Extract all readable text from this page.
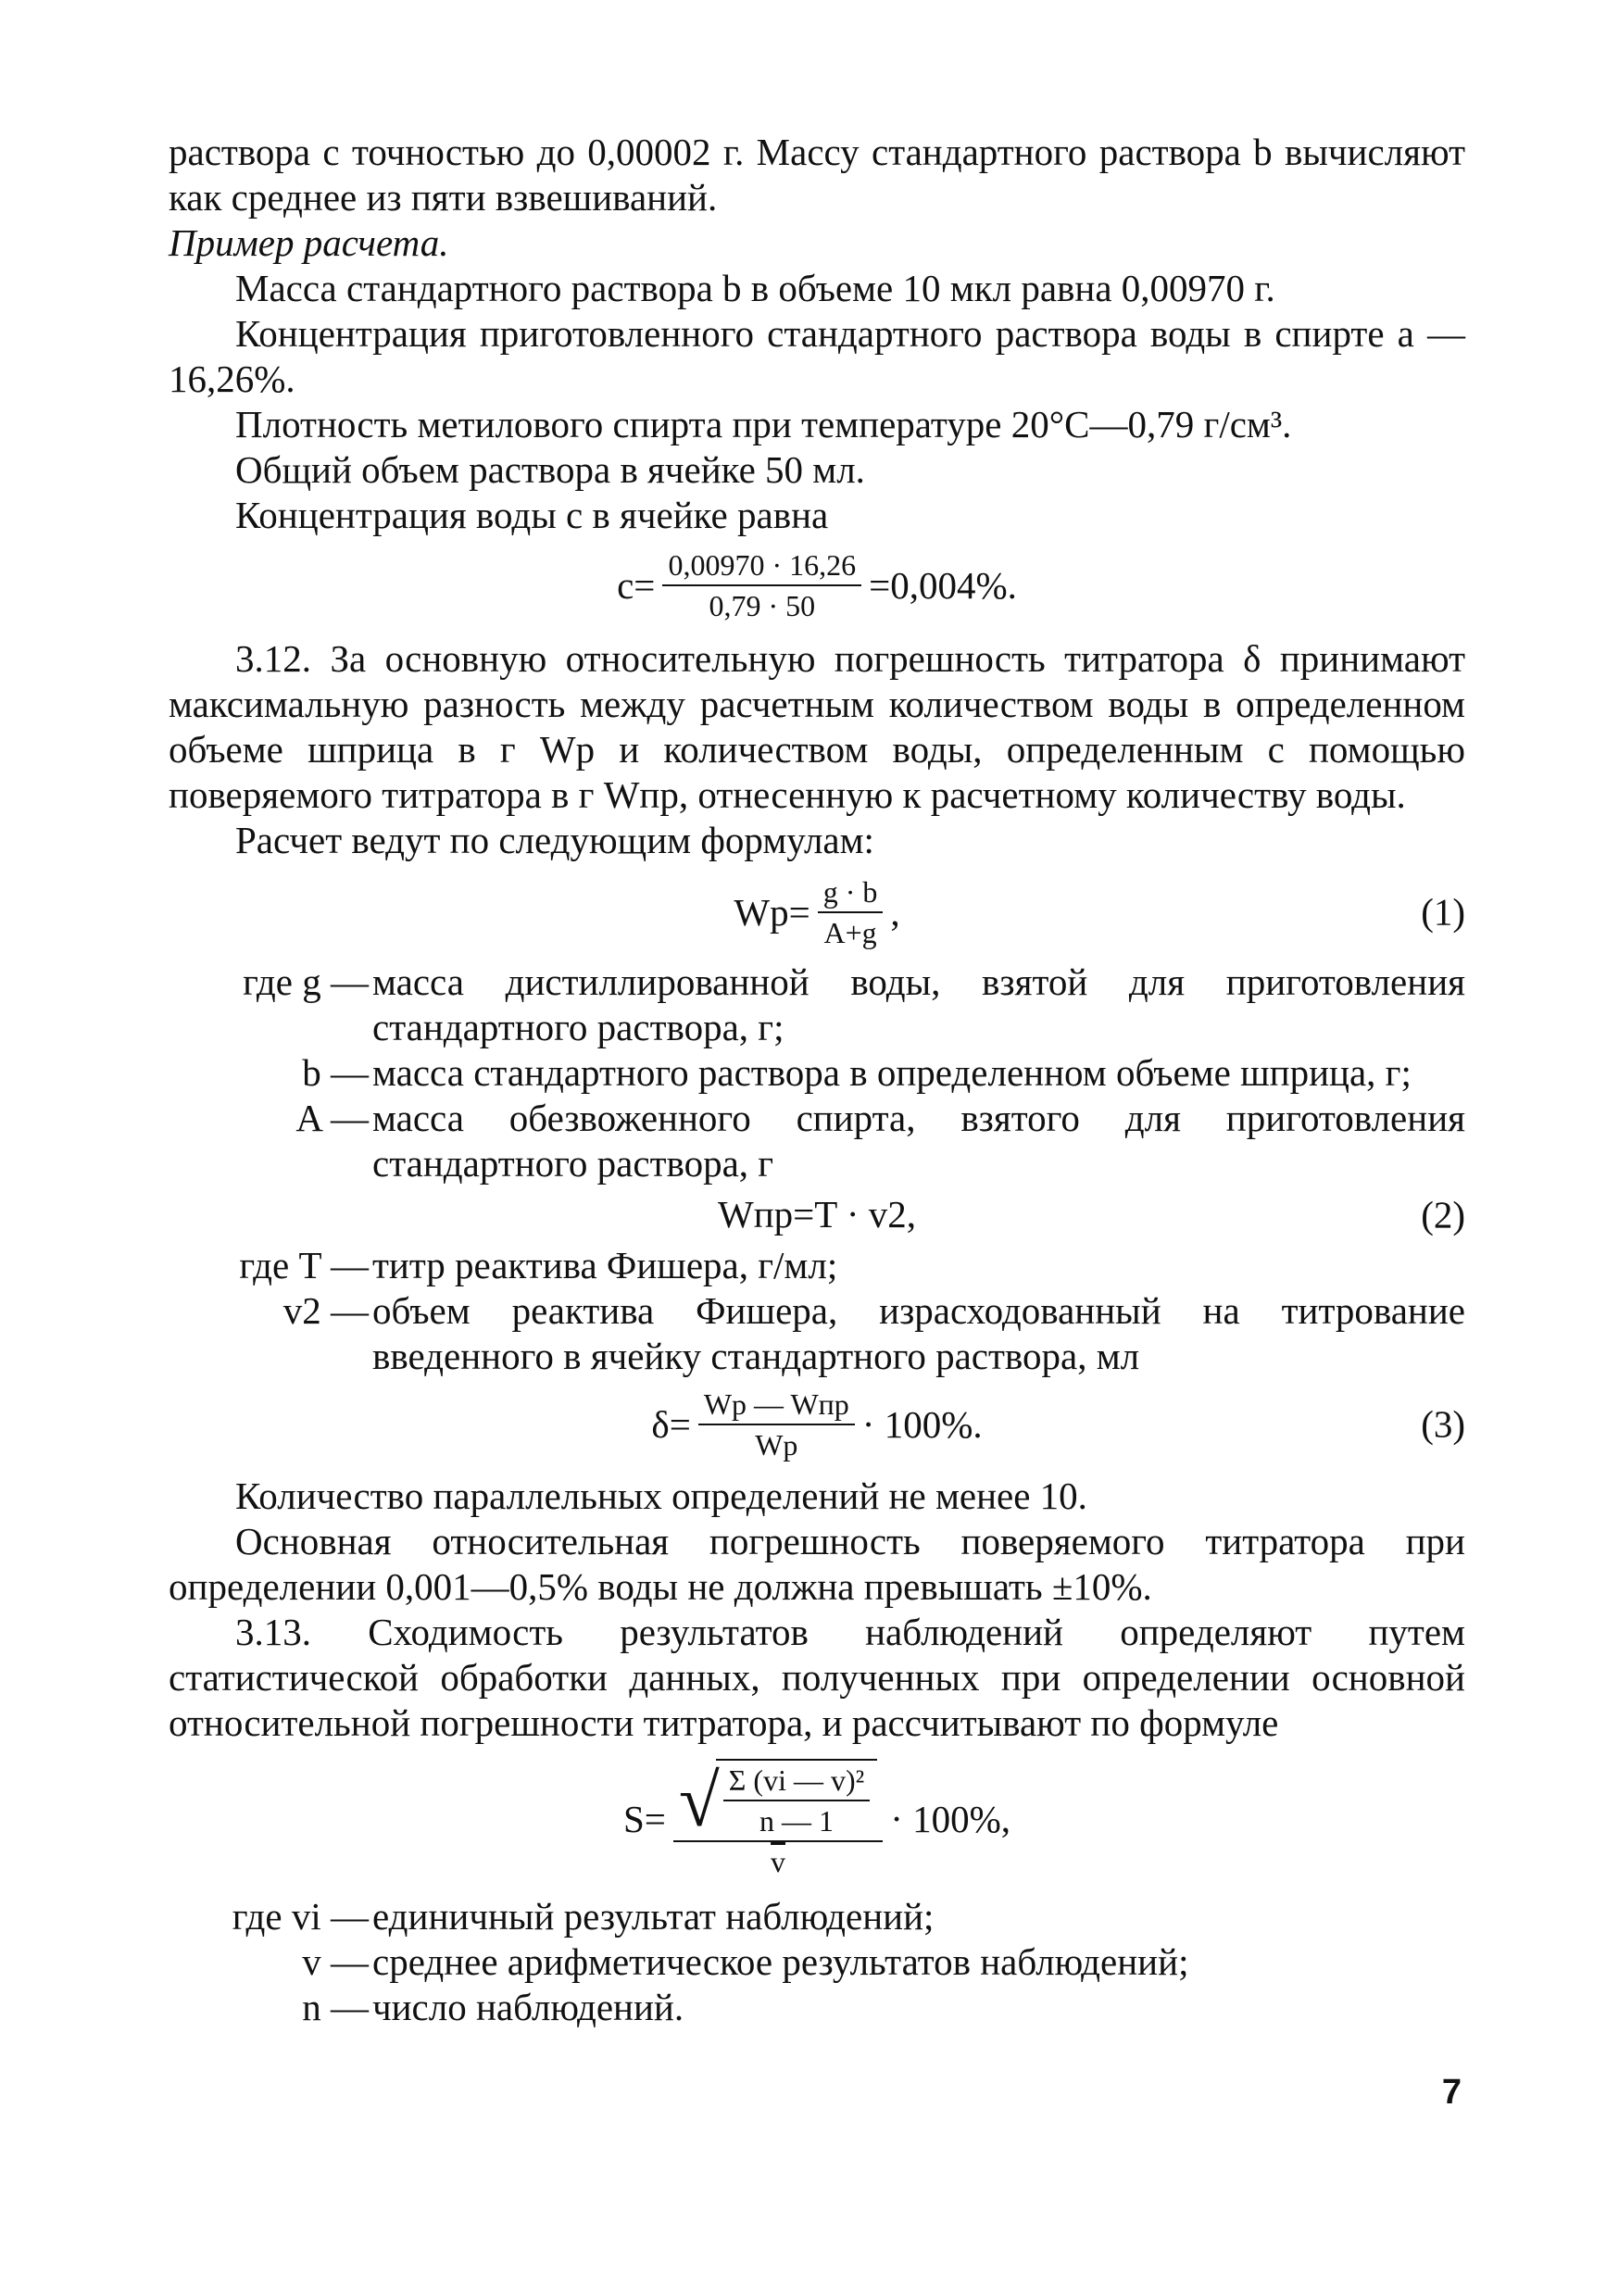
раствора с точностью до 0,00002 г. Массу стандартного раствора b вычисляют как среднее из пяти взвешиваний.

Пример расчета.

Масса стандартного раствора b в объеме 10 мкл равна 0,00970 г.

Концентрация приготовленного стандартного раствора воды в спирте a — 16,26%.

Плотность метилового спирта при температуре 20°C—0,79 г/см³.

Общий объем раствора в ячейке 50 мл.

Концентрация воды c в ячейке равна

$c= \frac{0,00970 \cdot 16,26}{0,79 \cdot 50} =0,004\%$.

3.12. За основную относительную погрешность титратора δ принимают максимальную разность между расчетным количеством воды в определенном объеме шприца в г Wp и количеством воды, определенным с помощью поверяемого титратора в г Wпр, отнесенную к расчетному количеству воды.

Расчет ведут по следующим формулам:

$Wp= \frac{g \cdot b}{A+g}$ ,	(1)
где g — масса дистиллированной воды, взятой для приготовления стандартного раствора, г;
b — масса стандартного раствора в определенном объеме шприца, г;
A — масса обезвоженного спирта, взятого для приготовления стандартного раствора, г
Wпр=T · v2,	(2)
где T — титр реактива Фишера, г/мл;
v2 — объем реактива Фишера, израсходованный на титрование введенного в ячейку стандартного раствора, мл
$\delta= \frac{\text{Wp — Wпр}}{Wp} \cdot 100\%$.	(3)

Количество параллельных определений не менее 10.

Основная относительная погрешность поверяемого титратора при определении 0,001—0,5% воды не должна превышать ±10%.

3.13. Сходимость результатов наблюдений определяют путем статистической обработки данных, полученных при определении основной относительной погрешности титратора, и рассчитывают по формуле

S= √
$\frac{\text{Σ (vi — v)²}}{n — 1}$
v · 100%,
где vi — единичный результат наблюдений;
v — среднее арифметическое результатов наблюдений;
n — число наблюдений.
7
